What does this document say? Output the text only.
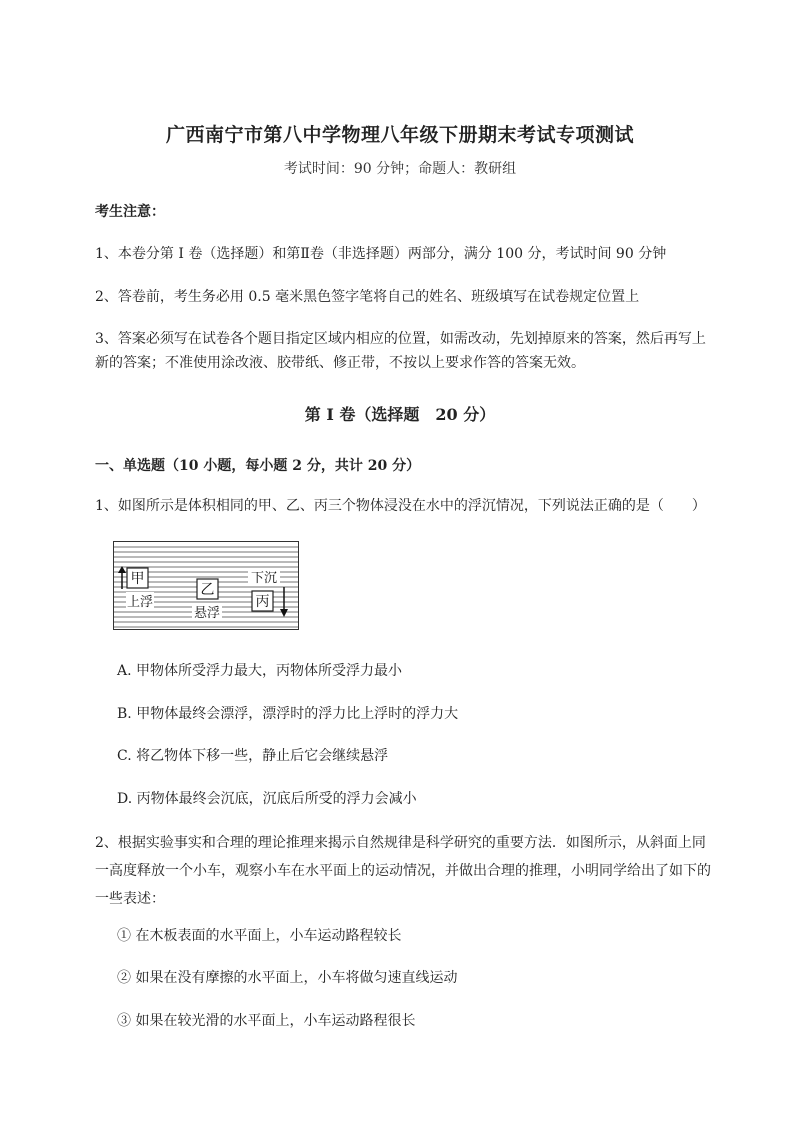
广西南宁市第八中学物理八年级下册期末考试专项测试
考试时间：90 分钟；命题人：教研组
考生注意：
1、本卷分第 I 卷（选择题）和第Ⅱ卷（非选择题）两部分，满分 100 分，考试时间 90 分钟
2、答卷前，考生务必用 0.5 毫米黑色签字笔将自己的姓名、班级填写在试卷规定位置上
3、答案必须写在试卷各个题目指定区域内相应的位置，如需改动，先划掉原来的答案，然后再写上新的答案；不准使用涂改液、胶带纸、修正带，不按以上要求作答的答案无效。
第 I 卷（选择题　20 分）
一、单选题（10 小题，每小题 2 分，共计 20 分）
1、如图所示是体积相同的甲、乙、丙三个物体浸没在水中的浮沉情况，下列说法正确的是（　　）
甲
上浮
乙
悬浮
下沉
丙
A. 甲物体所受浮力最大，丙物体所受浮力最小
B. 甲物体最终会漂浮，漂浮时的浮力比上浮时的浮力大
C. 将乙物体下移一些，静止后它会继续悬浮
D. 丙物体最终会沉底，沉底后所受的浮力会减小
2、根据实验事实和合理的理论推理来揭示自然规律是科学研究的重要方法．如图所示，从斜面上同一高度释放一个小车，观察小车在水平面上的运动情况，并做出合理的推理，小明同学给出了如下的一些表述：
① 在木板表面的水平面上，小车运动路程较长
② 如果在没有摩擦的水平面上，小车将做匀速直线运动
③ 如果在较光滑的水平面上，小车运动路程很长
